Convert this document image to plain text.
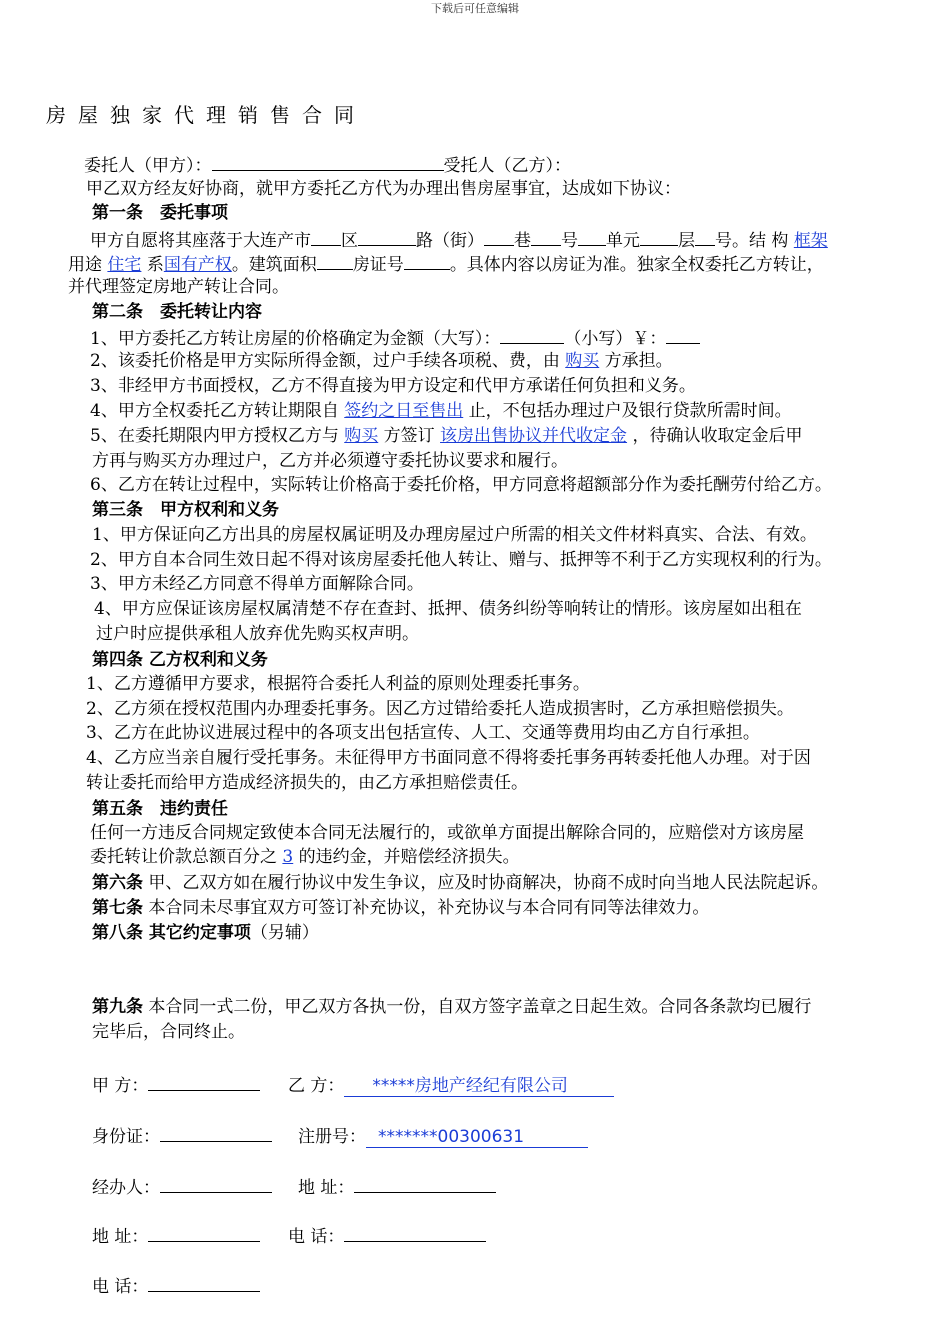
下载后可任意编辑
房屋独家代理销售合同
委托人（甲方）：	受托人（乙方）：
甲乙双方经友好协商，就甲方委托乙方代为办理出售房屋事宜，达成如下协议：
第一条　委托事项
甲方自愿将其座落于大连产市 区	路（街） 巷 号 单元 层 号。结 构 框架
用途 住宅 系国有产权。建筑面积 房证号	。具体内容以房证为准。独家全权委托乙方转让，
并代理签定房地产转让合同。
第二条　委托转让内容
1、甲方委托乙方转让房屋的价格确定为金额（大写）：	（小写）￥：
2、该委托价格是甲方实际所得金额，过户手续各项税、费，由 购买 方承担。
3、非经甲方书面授权，乙方不得直接为甲方设定和代甲方承诺任何负担和义务。
4、甲方全权委托乙方转让期限自 签约之日至售出 止，不包括办理过户及银行贷款所需时间。
5、在委托期限内甲方授权乙方与 购买 方签订 该房出售协议并代收定金 ，待确认收取定金后甲
方再与购买方办理过户，乙方并必须遵守委托协议要求和履行。
6、乙方在转让过程中，实际转让价格高于委托价格，甲方同意将超额部分作为委托酬劳付给乙方。
第三条　甲方权利和义务
1、甲方保证向乙方出具的房屋权属证明及办理房屋过户所需的相关文件材料真实、合法、有效。
2、甲方自本合同生效日起不得对该房屋委托他人转让、赠与、抵押等不利于乙方实现权利的行为。
3、甲方未经乙方同意不得单方面解除合同。
4、甲方应保证该房屋权属清楚不存在查封、抵押、债务纠纷等响转让的情形。该房屋如出租在
过户时应提供承租人放弃优先购买权声明。
第四条 乙方权利和义务
1、乙方遵循甲方要求，根据符合委托人利益的原则处理委托事务。
2、乙方须在授权范围内办理委托事务。因乙方过错给委托人造成损害时，乙方承担赔偿损失。
3、乙方在此协议进展过程中的各项支出包括宣传、人工、交通等费用均由乙方自行承担。
4、乙方应当亲自履行受托事务。未征得甲方书面同意不得将委托事务再转委托他人办理。对于因
转让委托而给甲方造成经济损失的，由乙方承担赔偿责任。
第五条　违约责任
任何一方违反合同规定致使本合同无法履行的，或欲单方面提出解除合同的，应赔偿对方该房屋
委托转让价款总额百分之 3 的违约金，并赔偿经济损失。
第六条 甲、乙双方如在履行协议中发生争议，应及时协商解决，协商不成时向当地人民法院起诉。
第七条 本合同未尽事宜双方可签订补充协议，补充协议与本合同有同等法律效力。
第八条 其它约定事项（另辅）
第九条 本合同一式二份，甲乙双方各执一份，自双方签字盖章之日起生效。合同各条款均已履行
完毕后，合同终止。
甲 方：	乙 方： *****房地产经纪有限公司
身份证：	注册号： *******00300631
经办人：	地 址：
地 址：	电 话：
电 话：
